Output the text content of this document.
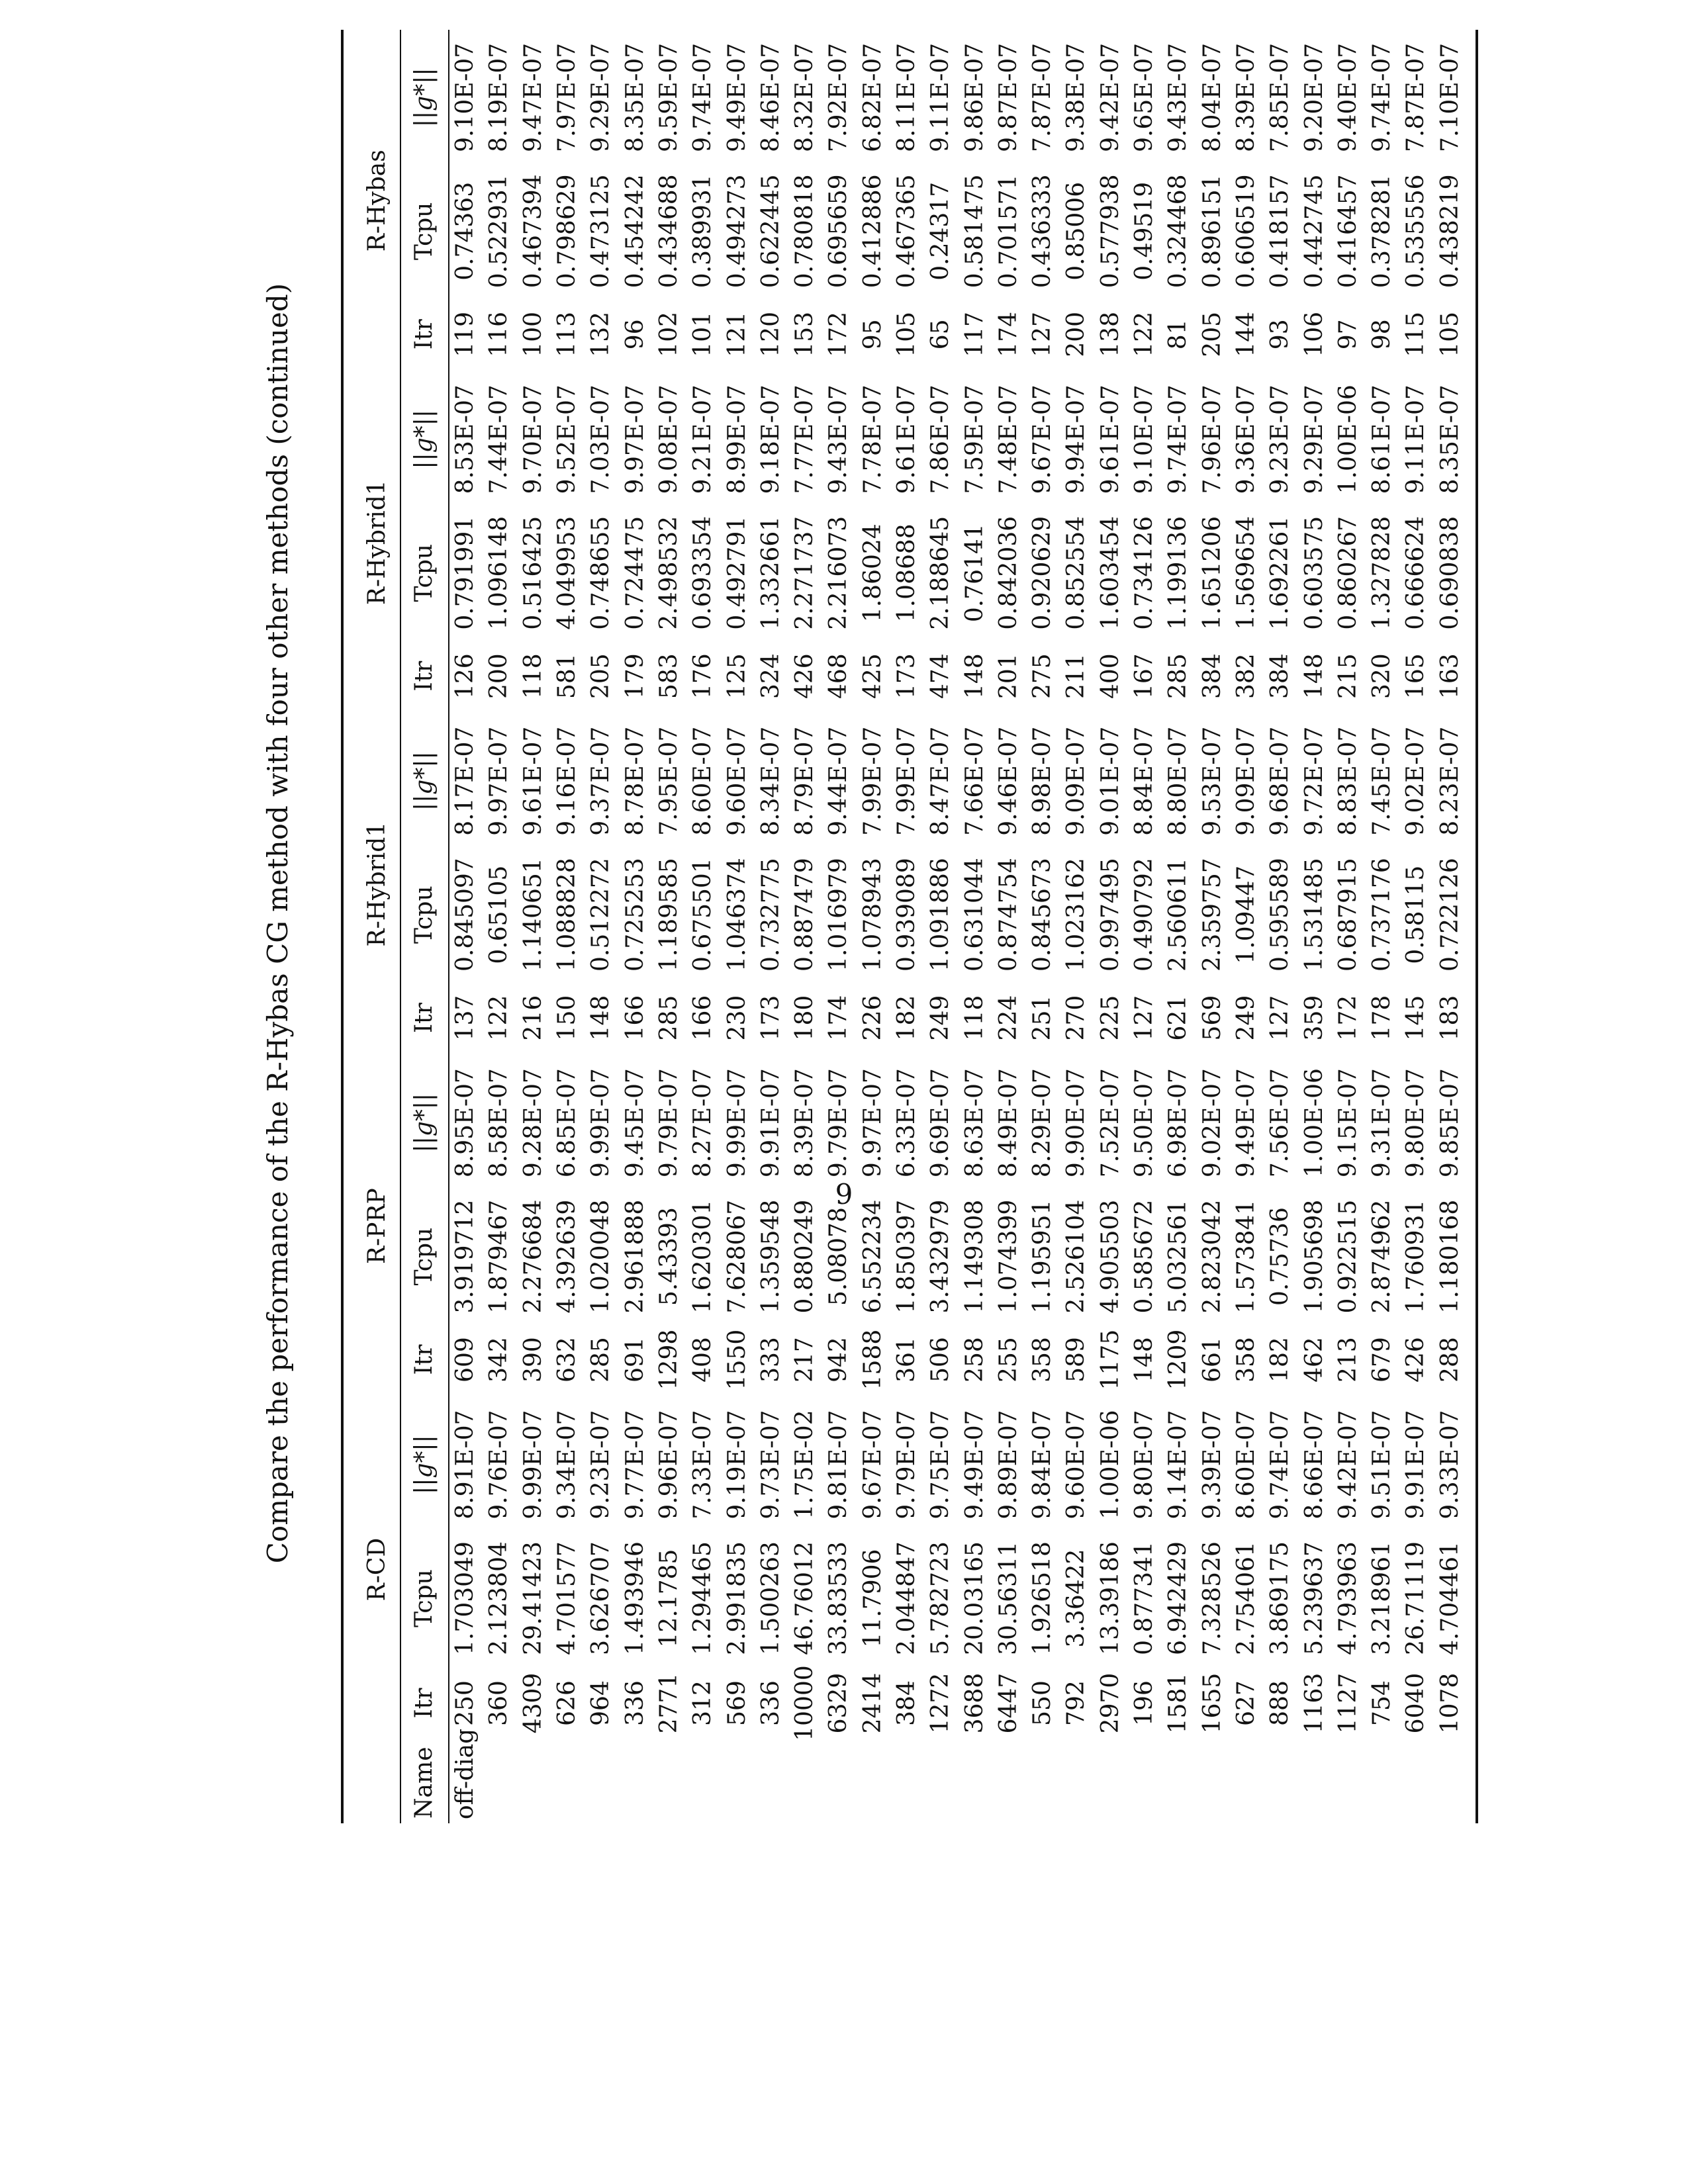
Compare the performance of the R-Hybas CG method with four other methods (continued)
	R-CD			R-PRP			R-Hybrid1			R-Hybrid1			R-Hybas		
Name	Itr	Tcpu	||g*||	Itr	Tcpu	||g*||	Itr	Tcpu	||g*||	Itr	Tcpu	||g*||	Itr	Tcpu	||g*||
off-diag	250	1.703049	8.91E-07	609	3.919712	8.95E-07	137	0.845097	8.17E-07	126	0.791991	8.53E-07	119	0.74363	9.10E-07
	360	2.123804	9.76E-07	342	1.879467	8.58E-07	122	0.65105	9.97E-07	200	1.096148	7.44E-07	116	0.522931	8.19E-07
	4309	29.41423	9.99E-07	390	2.276684	9.28E-07	216	1.140651	9.61E-07	118	0.516425	9.70E-07	100	0.467394	9.47E-07
	626	4.701577	9.34E-07	632	4.392639	6.85E-07	150	1.088828	9.16E-07	581	4.049953	9.52E-07	113	0.798629	7.97E-07
	964	3.626707	9.23E-07	285	1.020048	9.99E-07	148	0.512272	9.37E-07	205	0.748655	7.03E-07	132	0.473125	9.29E-07
	336	1.493946	9.77E-07	691	2.961888	9.45E-07	166	0.725253	8.78E-07	179	0.724475	9.97E-07	96	0.454242	8.35E-07
	2771	12.1785	9.96E-07	1298	5.43393	9.79E-07	285	1.189585	7.95E-07	583	2.498532	9.08E-07	102	0.434688	9.59E-07
	312	1.294465	7.33E-07	408	1.620301	8.27E-07	166	0.675501	8.60E-07	176	0.693354	9.21E-07	101	0.389931	9.74E-07
	569	2.991835	9.19E-07	1550	7.628067	9.99E-07	230	1.046374	9.60E-07	125	0.492791	8.99E-07	121	0.494273	9.49E-07
	336	1.500263	9.73E-07	333	1.359548	9.91E-07	173	0.732775	8.34E-07	324	1.332661	9.18E-07	120	0.622445	8.46E-07
	10000	46.76012	1.75E-02	217	0.880249	8.39E-07	180	0.887479	8.79E-07	426	2.271737	7.77E-07	153	0.780818	8.32E-07
	6329	33.83533	9.81E-07	942	5.08078	9.79E-07	174	1.016979	9.44E-07	468	2.216073	9.43E-07	172	0.695659	7.92E-07
	2414	11.7906	9.67E-07	1588	6.552234	9.97E-07	226	1.078943	7.99E-07	425	1.86024	7.78E-07	95	0.412886	6.82E-07
	384	2.044847	9.79E-07	361	1.850397	6.33E-07	182	0.939089	7.99E-07	173	1.08688	9.61E-07	105	0.467365	8.11E-07
	1272	5.782723	9.75E-07	506	3.432979	9.69E-07	249	1.091886	8.47E-07	474	2.188645	7.86E-07	65	0.24317	9.11E-07
	3688	20.03165	9.49E-07	258	1.149308	8.63E-07	118	0.631044	7.66E-07	148	0.76141	7.59E-07	117	0.581475	9.86E-07
	6447	30.56311	9.89E-07	255	1.074399	8.49E-07	224	0.874754	9.46E-07	201	0.842036	7.48E-07	174	0.701571	9.87E-07
	550	1.926518	9.84E-07	358	1.195951	8.29E-07	251	0.845673	8.98E-07	275	0.920629	9.67E-07	127	0.436333	7.87E-07
	792	3.36422	9.60E-07	589	2.526104	9.90E-07	270	1.023162	9.09E-07	211	0.852554	9.94E-07	200	0.85006	9.38E-07
	2970	13.39186	1.00E-06	1175	4.905503	7.52E-07	225	0.997495	9.01E-07	400	1.603454	9.61E-07	138	0.577938	9.42E-07
	196	0.877341	9.80E-07	148	0.585672	9.50E-07	127	0.490792	8.84E-07	167	0.734126	9.10E-07	122	0.49519	9.65E-07
	1581	6.942429	9.14E-07	1209	5.032561	6.98E-07	621	2.560611	8.80E-07	285	1.199136	9.74E-07	81	0.324468	9.43E-07
	1655	7.328526	9.39E-07	661	2.823042	9.02E-07	569	2.359757	9.53E-07	384	1.651206	7.96E-07	205	0.896151	8.04E-07
	627	2.754061	8.60E-07	358	1.573841	9.49E-07	249	1.09447	9.09E-07	382	1.569654	9.36E-07	144	0.606519	8.39E-07
	888	3.869175	9.74E-07	182	0.75736	7.56E-07	127	0.595589	9.68E-07	384	1.692261	9.23E-07	93	0.418157	7.85E-07
	1163	5.239637	8.66E-07	462	1.905698	1.00E-06	359	1.531485	9.72E-07	148	0.603575	9.29E-07	106	0.442745	9.20E-07
	1127	4.793963	9.42E-07	213	0.922515	9.15E-07	172	0.687915	8.83E-07	215	0.860267	1.00E-06	97	0.416457	9.40E-07
	754	3.218961	9.51E-07	679	2.874962	9.31E-07	178	0.737176	7.45E-07	320	1.327828	8.61E-07	98	0.378281	9.74E-07
	6040	26.71119	9.91E-07	426	1.760931	9.80E-07	145	0.58115	9.02E-07	165	0.666624	9.11E-07	115	0.535556	7.87E-07
	1078	4.704461	9.33E-07	288	1.180168	9.85E-07	183	0.722126	8.23E-07	163	0.690838	8.35E-07	105	0.438219	7.10E-07
9
